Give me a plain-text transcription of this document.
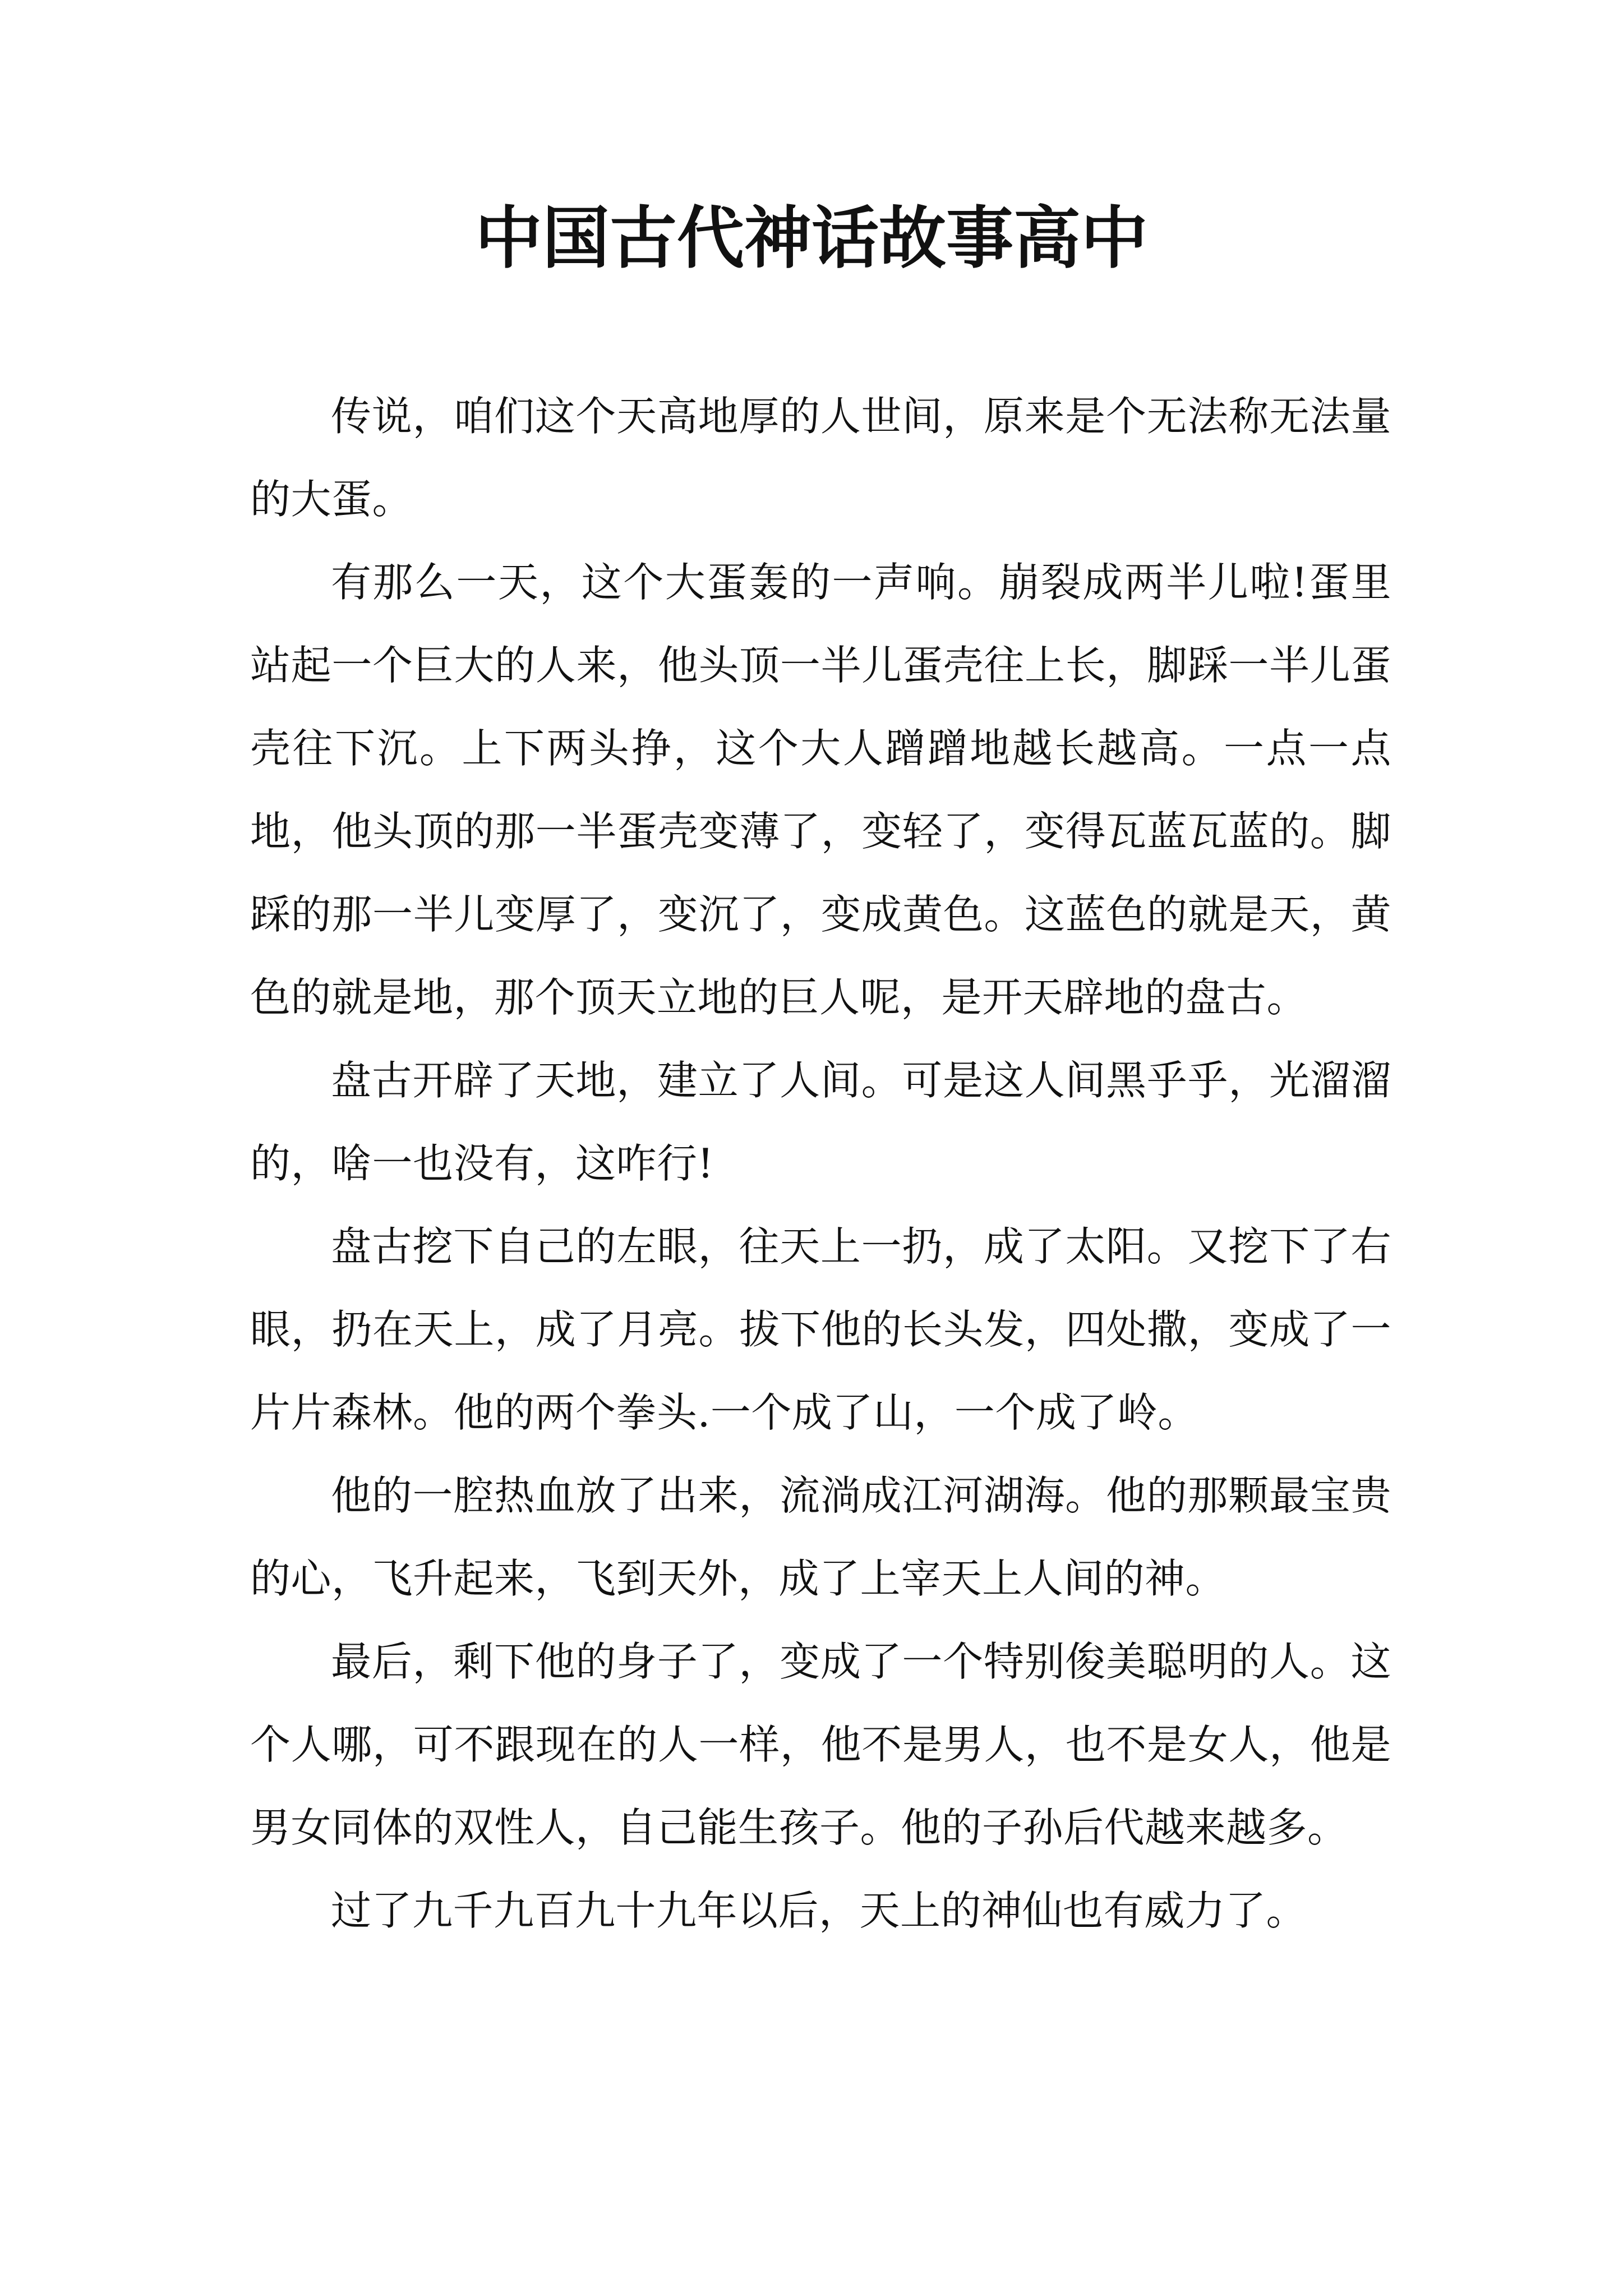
中国古代神话故事高中

传说，咱们这个天高地厚的人世间，原来是个无法称无法量的大蛋。

有那么一天，这个大蛋轰的一声响。崩裂成两半儿啦!蛋里站起一个巨大的人来，他头顶一半儿蛋壳往上长，脚踩一半儿蛋壳往下沉。上下两头挣，这个大人蹭蹭地越长越高。一点一点地，他头顶的那一半蛋壳变薄了，变轻了，变得瓦蓝瓦蓝的。脚踩的那一半儿变厚了，变沉了，变成黄色。这蓝色的就是天，黄色的就是地，那个顶天立地的巨人呢，是开天辟地的盘古。

盘古开辟了天地，建立了人间。可是这人间黑乎乎，光溜溜的，啥一也没有，这咋行!

盘古挖下自己的左眼，往天上一扔，成了太阳。又挖下了右眼，扔在天上，成了月亮。拔下他的长头发，四处撒，变成了一片片森林。他的两个拳头.一个成了山，一个成了岭。

他的一腔热血放了出来，流淌成江河湖海。他的那颗最宝贵的心，飞升起来，飞到天外，成了上宰天上人间的神。

最后，剩下他的身子了，变成了一个特别俊美聪明的人。这个人哪，可不跟现在的人一样，他不是男人，也不是女人，他是男女同体的双性人，自己能生孩子。他的子孙后代越来越多。

过了九千九百九十九年以后，天上的神仙也有威力了。
